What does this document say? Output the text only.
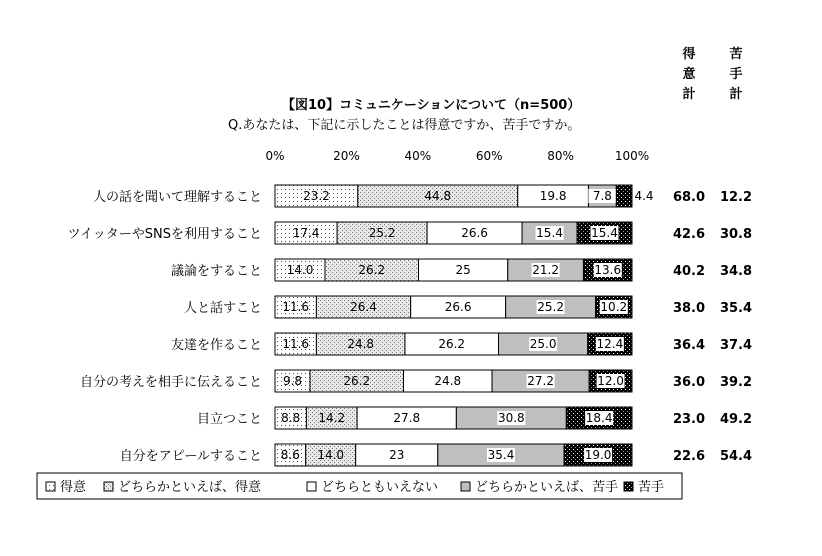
【図10】コミュニケーションについて（n=500）
Q.あなたは、下記に示したことは得意ですか、苦手ですか。
得
意
計
苦
手
計
0%	20%	40%	60%	80%	100%
人の話を聞いて理解すること	23.2	44.8	19.8 7.8 4.4 68.0 12.2
ツイッターやSNSを利用すること	17.4	25.2	26.6	15.4 15.4	42.6 30.8
議論をすること 14.0	26.2	25	21.2	13.6	40.2 34.8
人と話すこと 11.6	26.4	26.6	25.2	10.2	38.0 35.4
友達を作ること 11.6	24.8	26.2	25.0	12.4	36.4 37.4
自分の考えを相手に伝えること 9.8	26.2	24.8	27.2	12.0	36.0 39.2
目立つこと 8.8 14.2	27.8	30.8	18.4	23.0 49.2
自分をアピールすること 8.6 14.0	23	35.4	19.0	22.6 54.4
得意 どちらかといえば、得意	どちらともいえない	どちらかといえば、苦手 苦手
